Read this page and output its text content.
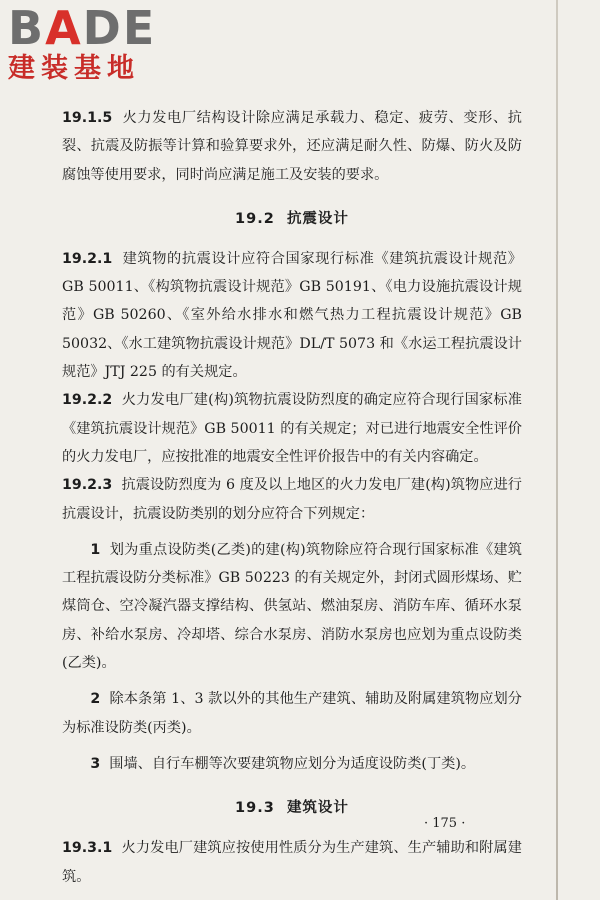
BADE
建装基地

19.1.5 火力发电厂结构设计除应满足承载力、稳定、疲劳、变形、抗裂、抗震及防振等计算和验算要求外，还应满足耐久性、防爆、防火及防腐蚀等使用要求，同时尚应满足施工及安装的要求。

19.2 抗震设计

19.2.1 建筑物的抗震设计应符合国家现行标准《建筑抗震设计规范》GB 50011、《构筑物抗震设计规范》GB 50191、《电力设施抗震设计规范》GB 50260、《室外给水排水和燃气热力工程抗震设计规范》GB 50032、《水工建筑物抗震设计规范》DL/T 5073 和《水运工程抗震设计规范》JTJ 225 的有关规定。

19.2.2 火力发电厂建(构)筑物抗震设防烈度的确定应符合现行国家标准《建筑抗震设计规范》GB 50011 的有关规定；对已进行地震安全性评价的火力发电厂，应按批准的地震安全性评价报告中的有关内容确定。

19.2.3 抗震设防烈度为 6 度及以上地区的火力发电厂建(构)筑物应进行抗震设计，抗震设防类别的划分应符合下列规定：

1 划为重点设防类(乙类)的建(构)筑物除应符合现行国家标准《建筑工程抗震设防分类标准》GB 50223 的有关规定外，封闭式圆形煤场、贮煤筒仓、空冷凝汽器支撑结构、供氢站、燃油泵房、消防车库、循环水泵房、补给水泵房、冷却塔、综合水泵房、消防水泵房也应划为重点设防类(乙类)。

2 除本条第 1、3 款以外的其他生产建筑、辅助及附属建筑物应划分为标准设防类(丙类)。

3 围墙、自行车棚等次要建筑物应划分为适度设防类(丁类)。

19.3 建筑设计

19.3.1 火力发电厂建筑应按使用性质分为生产建筑、生产辅助和附属建筑。

· 175 ·
